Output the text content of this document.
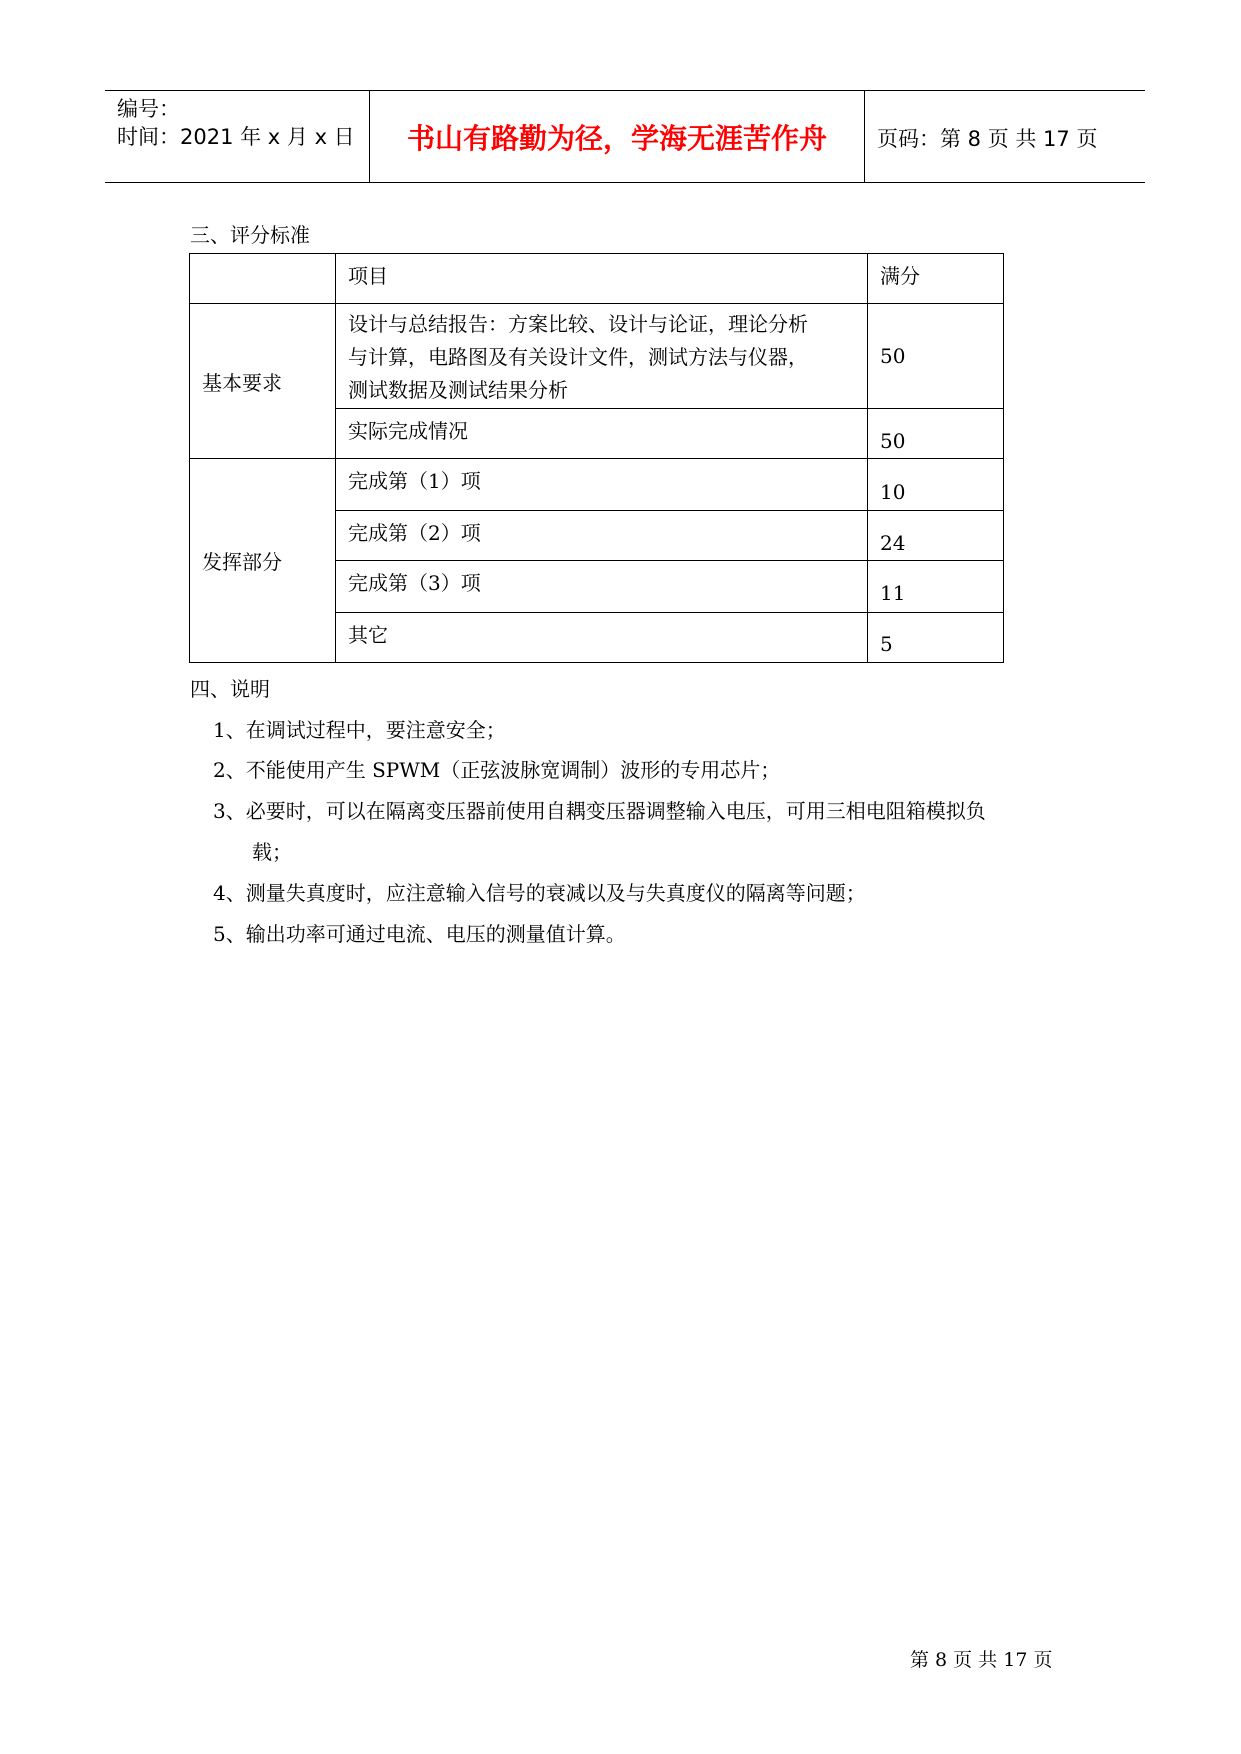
编号：
时间：2021 年 x 月 x 日	书山有路勤为径，学海无涯苦作舟	页码：第 8 页 共 17 页
三、评分标准
	项目	满分
基本要求	设计与总结报告：方案比较、设计与论证，理论分析
与计算，电路图及有关设计文件，测试方法与仪器，
测试数据及测试结果分析	50
	实际完成情况	50
发挥部分	完成第（1）项	10
	完成第（2）项	24
	完成第（3）项	11
	其它	5
四、说明
1、在调试过程中，要注意安全；
2、不能使用产生 SPWM（正弦波脉宽调制）波形的专用芯片；
3、必要时，可以在隔离变压器前使用自耦变压器调整输入电压，可用三相电阻箱模拟负
载；
4、测量失真度时，应注意输入信号的衰减以及与失真度仪的隔离等问题；
5、输出功率可通过电流、电压的测量值计算。
第 8 页 共 17 页
